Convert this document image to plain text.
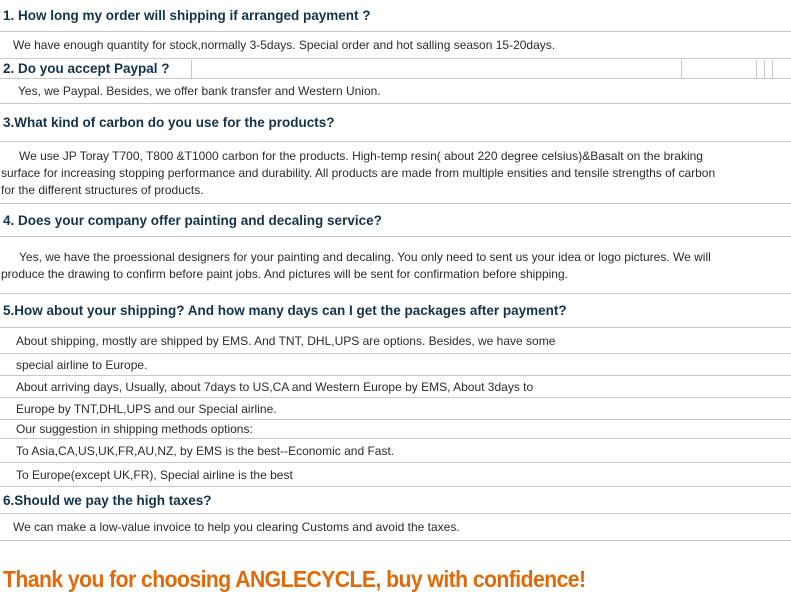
1. How long my order will shipping if arranged payment ?
We have enough quantity for stock,normally 3-5days. Special order and hot salling season 15-20days.
2. Do you accept Paypal ?
Yes, we Paypal. Besides, we offer bank transfer and Western Union.
3.What kind of carbon do you use for the products?
We use JP Toray T700, T800 &T1000 carbon for the products. High-temp resin( about 220 degree celsius)&Basalt on the braking
surface for increasing stopping performance and durability. All products are made from multiple ensities and tensile strengths of carbon
for the different structures of products.
4. Does your company offer painting and decaling service?
Yes, we have the proessional designers for your painting and decaling. You only need to sent us your idea or logo pictures. We will
produce the drawing to confirm before paint jobs. And pictures will be sent for confirmation before shipping.
5.How about your shipping? And how many days can I get the packages after payment?
About shipping, mostly are shipped by EMS. And TNT, DHL,UPS are options. Besides, we have some
special airline to Europe.
About arriving days, Usually, about 7days to US,CA and Western Europe by EMS, About 3days to
Europe by TNT,DHL,UPS and our Special airline.
Our suggestion in shipping methods options:
To Asia,CA,US,UK,FR,AU,NZ, by EMS is the best--Economic and Fast.
To Europe(except UK,FR), Special airline is the best
6.Should we pay the high taxes?
We can make a low-value invoice to help you clearing Customs and avoid the taxes.
Thank you for choosing ANGLECYCLE, buy with confidence!
